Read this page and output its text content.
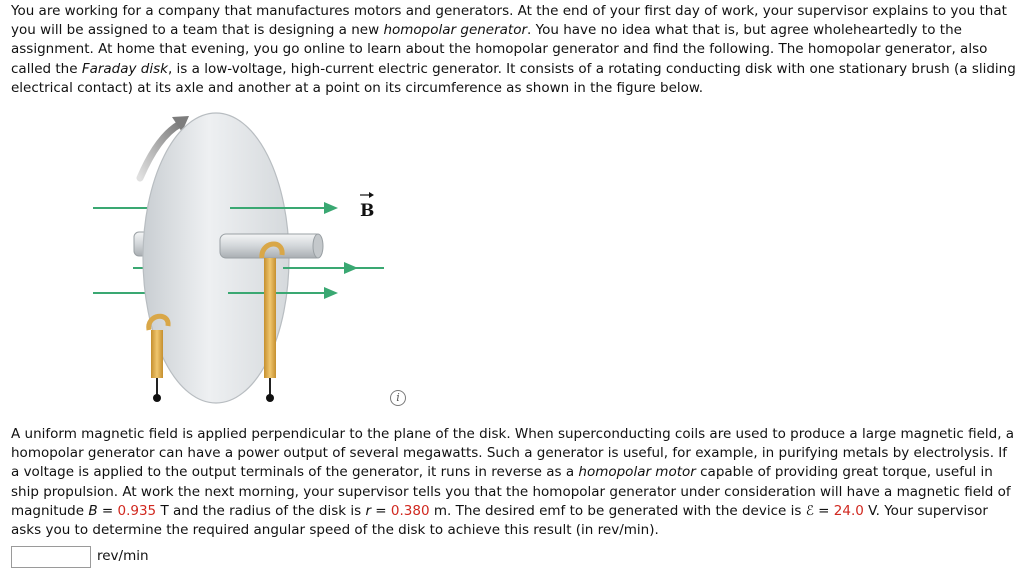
You are working for a company that manufactures motors and generators. At the end of your first day of work, your supervisor explains to you that you will be assigned to a team that is designing a new homopolar generator. You have no idea what that is, but agree wholeheartedly to the assignment. At home that evening, you go online to learn about the homopolar generator and find the following. The homopolar generator, also called the Faraday disk, is a low-voltage, high-current electric generator. It consists of a rotating conducting disk with one stationary brush (a sliding electrical contact) at its axle and another at a point on its circumference as shown in the figure below.

B
i

A uniform magnetic field is applied perpendicular to the plane of the disk. When superconducting coils are used to produce a large magnetic field, a homopolar generator can have a power output of several megawatts. Such a generator is useful, for example, in purifying metals by electrolysis. If a voltage is applied to the output terminals of the generator, it runs in reverse as a homopolar motor capable of providing great torque, useful in ship propulsion. At work the next morning, your supervisor tells you that the homopolar generator under consideration will have a magnetic field of magnitude B = 0.935 T and the radius of the disk is r = 0.380 m. The desired emf to be generated with the device is ℰ = 24.0 V. Your supervisor asks you to determine the required angular speed of the disk to achieve this result (in rev/min).

rev/min
